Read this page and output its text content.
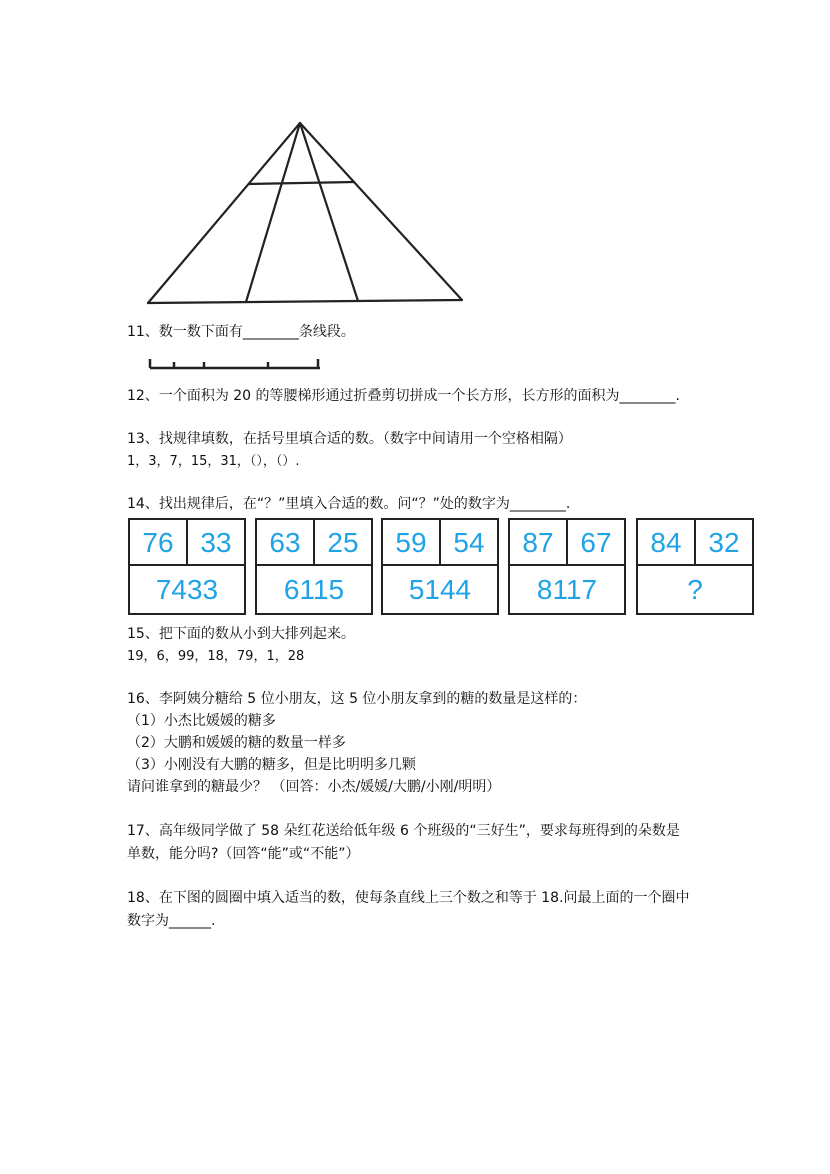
11、数一数下面有________条线段。
12、一个面积为 20 的等腰梯形通过折叠剪切拼成一个长方形，长方形的面积为________.
13、找规律填数，在括号里填合适的数。（数字中间请用一个空格相隔）
1，3，7，15，31，（），（）.
14、找出规律后，在“？”里填入合适的数。问“？”处的数字为________.
76 33
7433
63 25
6115
59 54
5144
87 67
8117
84 32
?
15、把下面的数从小到大排列起来。
19，6，99，18，79，1，28
16、李阿姨分糖给 5 位小朋友，这 5 位小朋友拿到的糖的数量是这样的：
（1）小杰比媛媛的糖多
（2）大鹏和媛媛的糖的数量一样多
（3）小刚没有大鹏的糖多，但是比明明多几颗
请问谁拿到的糖最少？ （回答：小杰/媛媛/大鹏/小刚/明明）
17、高年级同学做了 58 朵红花送给低年级 6 个班级的“三好生”，要求每班得到的朵数是
单数，能分吗?（回答“能”或“不能”）
18、在下图的圆圈中填入适当的数，使每条直线上三个数之和等于 18.问最上面的一个圈中
数字为______.
